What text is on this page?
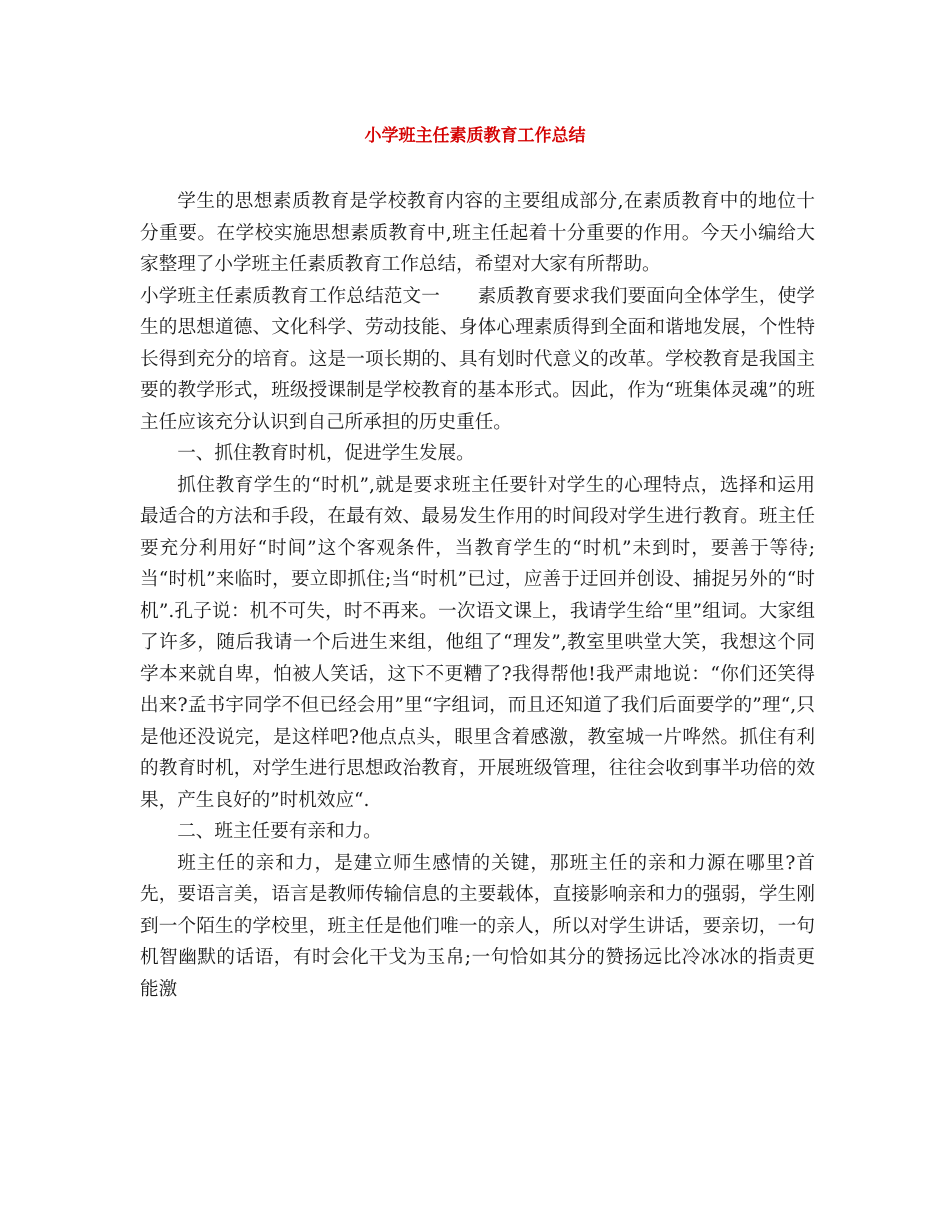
小学班主任素质教育工作总结

学生的思想素质教育是学校教育内容的主要组成部分,在素质教育中的地位十分重要。在学校实施思想素质教育中,班主任起着十分重要的作用。今天小编给大家整理了小学班主任素质教育工作总结，希望对大家有所帮助。

小学班主任素质教育工作总结范文一　　素质教育要求我们要面向全体学生，使学生的思想道德、文化科学、劳动技能、身体心理素质得到全面和谐地发展，个性特长得到充分的培育。这是一项长期的、具有划时代意义的改革。学校教育是我国主要的教学形式，班级授课制是学校教育的基本形式。因此，作为“班集体灵魂”的班主任应该充分认识到自己所承担的历史重任。

一、抓住教育时机，促进学生发展。

抓住教育学生的“时机”,就是要求班主任要针对学生的心理特点，选择和运用最适合的方法和手段，在最有效、最易发生作用的时间段对学生进行教育。班主任要充分利用好“时间”这个客观条件，当教育学生的“时机”未到时，要善于等待;当“时机”来临时，要立即抓住;当“时机”已过，应善于迂回并创设、捕捉另外的“时机”.孔子说：机不可失，时不再来。一次语文课上，我请学生给“里”组词。大家组了许多，随后我请一个后进生来组，他组了“理发”,教室里哄堂大笑，我想这个同学本来就自卑，怕被人笑话，这下不更糟了?我得帮他!我严肃地说：“你们还笑得出来?孟书宇同学不但已经会用”里“字组词，而且还知道了我们后面要学的”理“,只是他还没说完，是这样吧?他点点头，眼里含着感激，教室城一片哗然。抓住有利的教育时机，对学生进行思想政治教育，开展班级管理，往往会收到事半功倍的效果，产生良好的”时机效应“.

二、班主任要有亲和力。

班主任的亲和力，是建立师生感情的关键，那班主任的亲和力源在哪里?首先，要语言美，语言是教师传输信息的主要载体，直接影响亲和力的强弱，学生刚到一个陌生的学校里，班主任是他们唯一的亲人，所以对学生讲话，要亲切，一句机智幽默的话语，有时会化干戈为玉帛;一句恰如其分的赞扬远比冷冰冰的指责更能激
